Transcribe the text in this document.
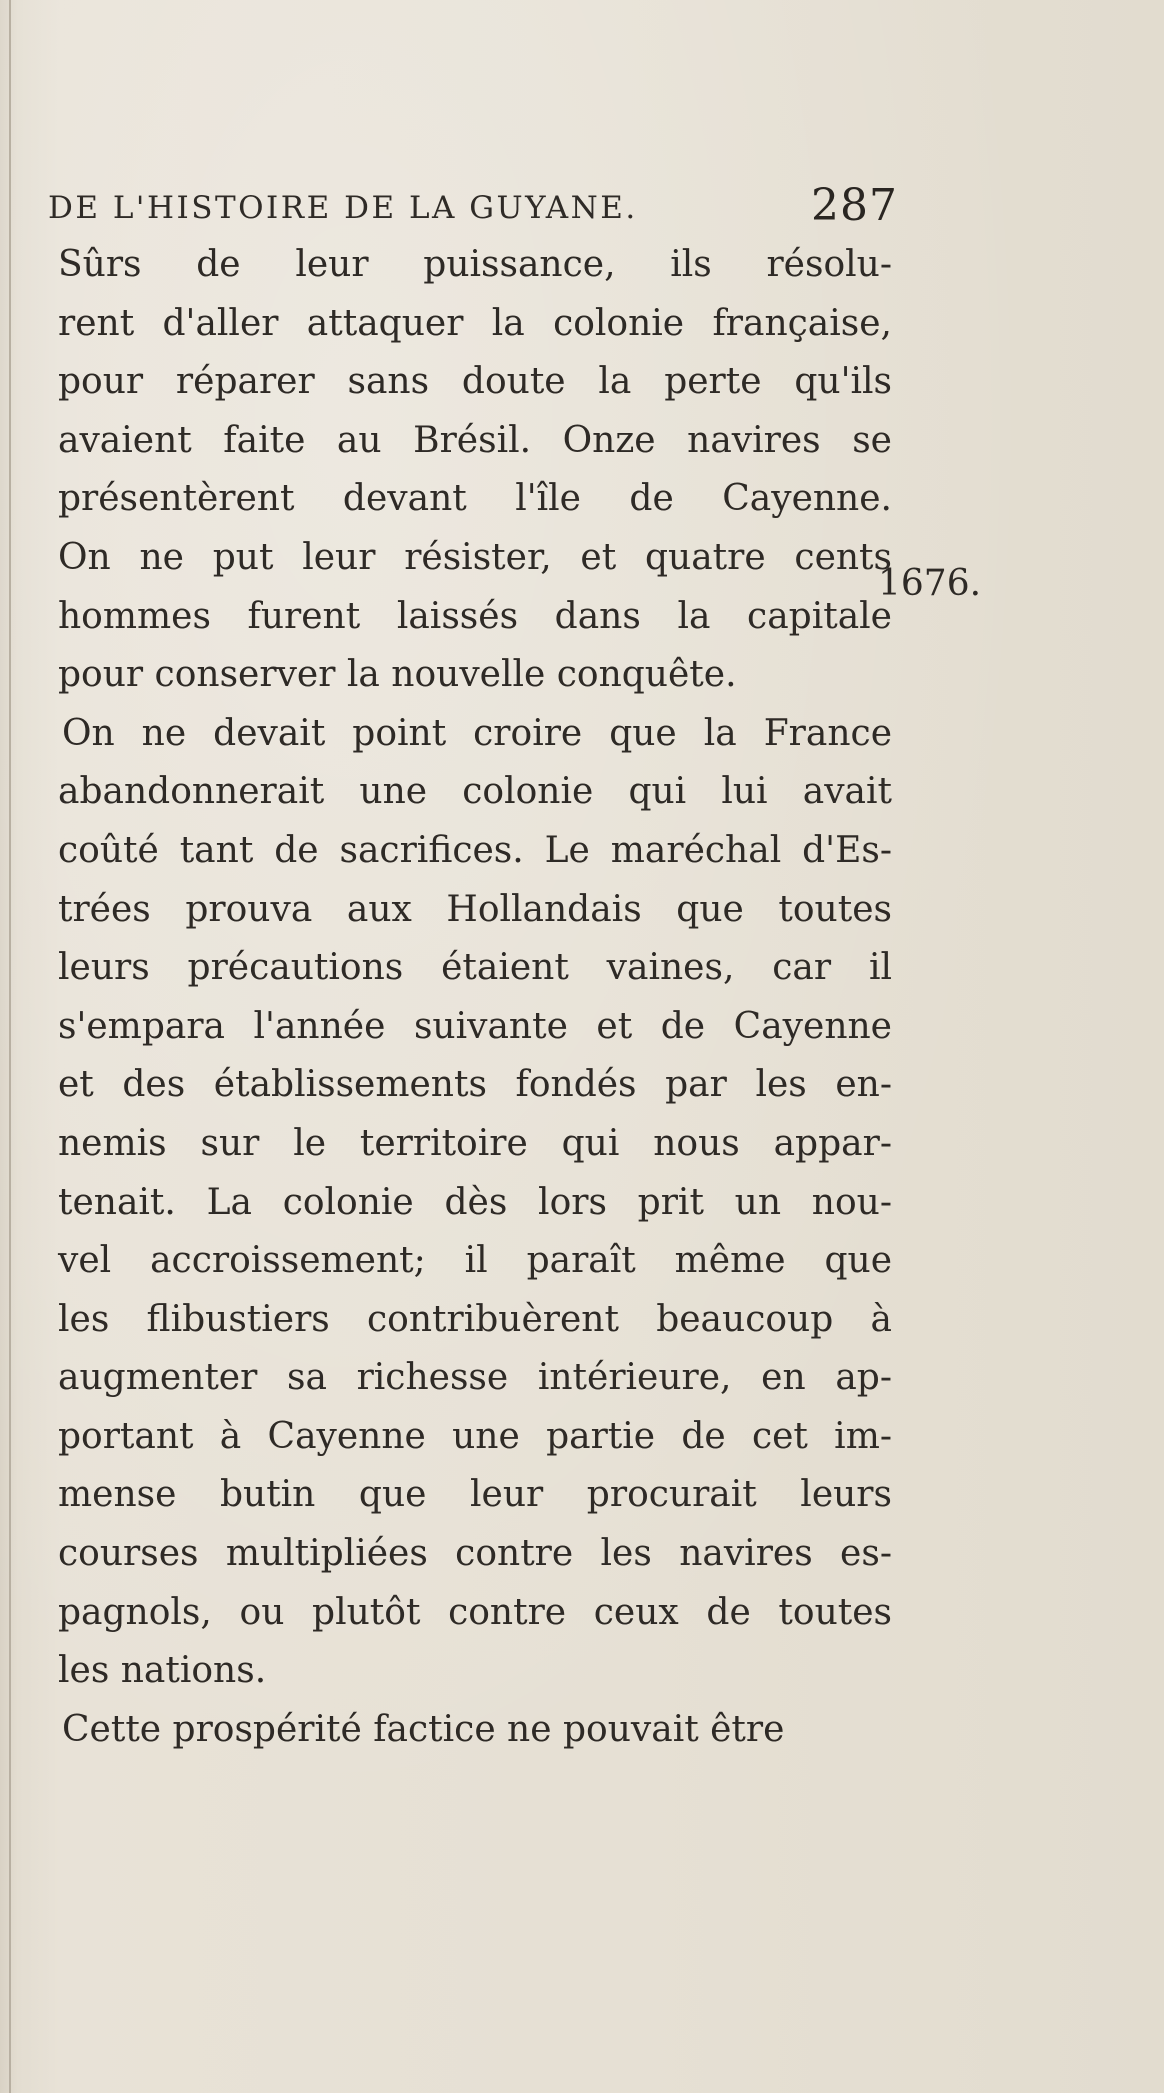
DE L'HISTOIRE DE LA GUYANE.	287
Sûrs de leur puissance, ils résolu-
rent d'aller attaquer la colonie française,
pour réparer sans doute la perte qu'ils
avaient faite au Brésil. Onze navires se
présentèrent devant l'île de Cayenne.
On ne put leur résister, et quatre cents
hommes furent laissés dans la capitale
pour conserver la nouvelle conquête.
On ne devait point croire que la France
abandonnerait une colonie qui lui avait
coûté tant de sacrifices. Le maréchal d'Es-
trées prouva aux Hollandais que toutes
leurs précautions étaient vaines, car il
s'empara l'année suivante et de Cayenne
et des établissements fondés par les en-
nemis sur le territoire qui nous appar-
tenait. La colonie dès lors prit un nou-
vel accroissement; il paraît même que
les flibustiers contribuèrent beaucoup à
augmenter sa richesse intérieure, en ap-
portant à Cayenne une partie de cet im-
mense butin que leur procurait leurs
courses multipliées contre les navires es-
pagnols, ou plutôt contre ceux de toutes
les nations.
Cette prospérité factice ne pouvait être
1676.
